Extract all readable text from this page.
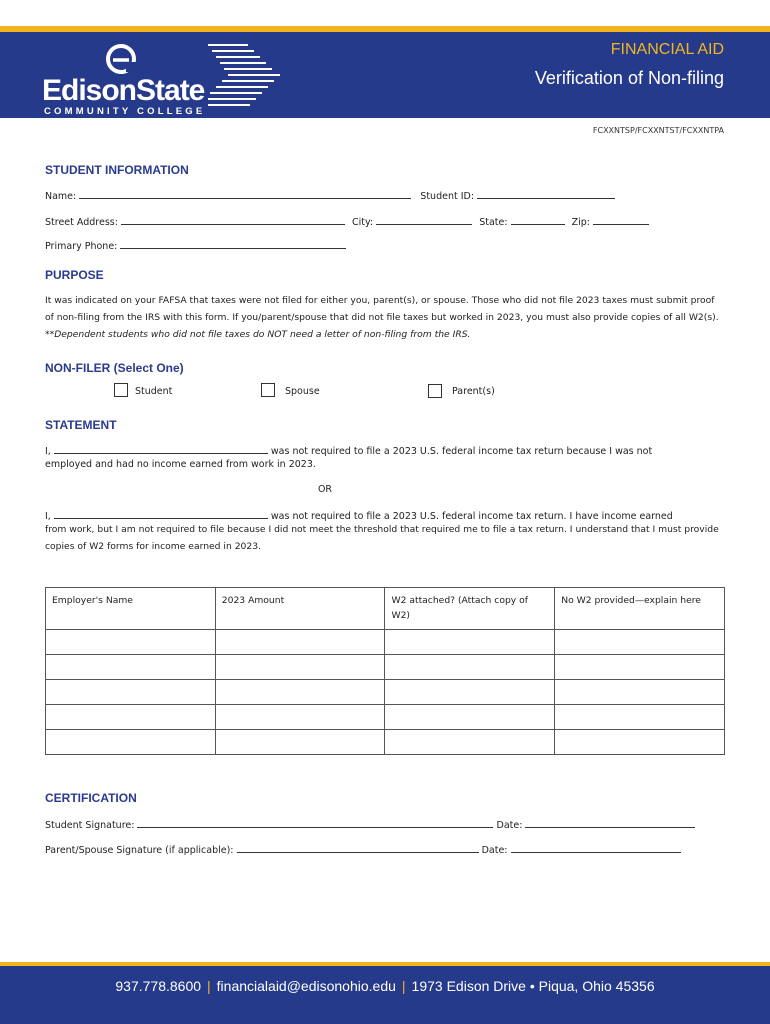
EdisonState
COMMUNITY COLLEGE
FINANCIAL AID
Verification of Non-filing
FCXXNTSP/FCXXNTST/FCXXNTPA
STUDENT INFORMATION
Name:	Student ID:
Street Address:	City:	State:	Zip:
Primary Phone:
PURPOSE
It was indicated on your FAFSA that taxes were not filed for either you, parent(s), or spouse. Those who did not file 2023 taxes must submit proof of non-filing from the IRS with this form. If you/parent/spouse that did not file taxes but worked in 2023, you must also provide copies of all W2(s). **Dependent students who did not file taxes do NOT need a letter of non-filing from the IRS.
NON-FILER (Select One)
Student	Spouse	Parent(s)
STATEMENT
I,	was not required to file a 2023 U.S. federal income tax return because I was not
employed and had no income earned from work in 2023.
OR
I,	was not required to file a 2023 U.S. federal income tax return. I have income earned
from work, but I am not required to file because I did not meet the threshold that required me to file a tax return. I understand that I must provide copies of W2 forms for income earned in 2023.
Employer's Name	2023 Amount	W2 attached? (Attach copy of W2)	No W2 provided—explain here

CERTIFICATION
Student Signature:	Date:
Parent/Spouse Signature (if applicable):	Date:
937.778.8600 | financialaid@edisonohio.edu | 1973 Edison Drive • Piqua, Ohio 45356
